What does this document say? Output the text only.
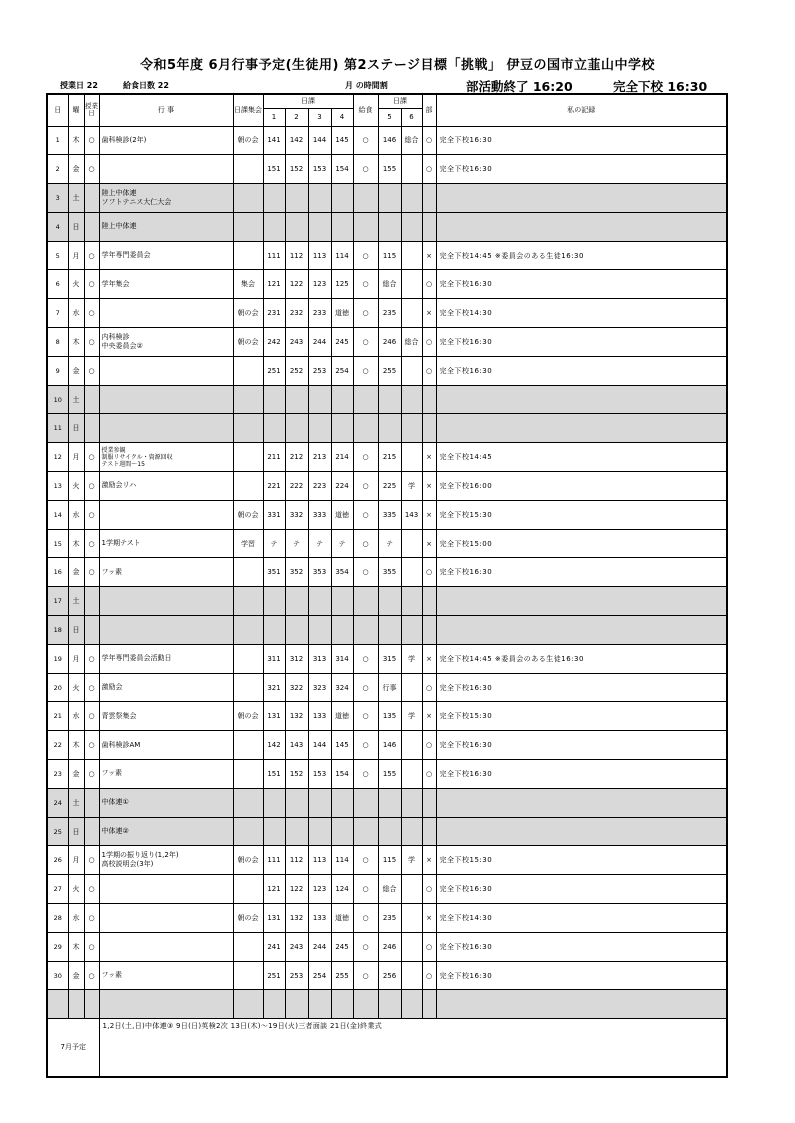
令和5年度 6月行事予定(生徒用) 第2ステージ目標「挑戦」 伊豆の国市立韮山中学校
授業日 22	給食日数 22	月 の時間割	部活動終了 16:20	完全下校 16:30
日	曜	授業日	行 事	日課集会	日課				給食	日課		部	私の記録
					1	2	3	4		5	6		
1	木	○	歯科検診(2年)	朝の会	141	142	144	145	○	146	総合	○	完全下校16:30
2	金	○			151	152	153	154	○	155		○	完全下校16:30
3	土		陸上中体連
ソフトテニス大仁大会										
4	日		陸上中体連										
5	月	○	学年専門委員会		111	112	113	114	○	115		×	完全下校14:45 ※委員会のある生徒16:30
6	火	○	学年集会	集会	121	122	123	125	○	総合		○	完全下校16:30
7	水	○		朝の会	231	232	233	道徳	○	235		×	完全下校14:30
8	木	○	内科検診
中央委員会②	朝の会	242	243	244	245	○	246	総合	○	完全下校16:30
9	金	○			251	252	253	254	○	255		○	完全下校16:30
10	土												
11	日												
12	月	○	授業参観
制服リサイクル・資源回収
テスト週間～15		211	212	213	214	○	215		×	完全下校14:45
13	火	○	激励会リハ		221	222	223	224	○	225	学	×	完全下校16:00
14	水	○		朝の会	331	332	333	道徳	○	335	143	×	完全下校15:30
15	木	○	1学期テスト	学習	テ	テ	テ	テ	○	テ		×	完全下校15:00
16	金	○	フッ素		351	352	353	354	○	355		○	完全下校16:30
17	土												
18	日												
19	月	○	学年専門委員会活動日		311	312	313	314	○	315	学	×	完全下校14:45 ※委員会のある生徒16:30
20	火	○	激励会		321	322	323	324	○	行事		○	完全下校16:30
21	水	○	青雲祭集会	朝の会	131	132	133	道徳	○	135	学	×	完全下校15:30
22	木	○	歯科検診AM		142	143	144	145	○	146		○	完全下校16:30
23	金	○	フッ素		151	152	153	154	○	155		○	完全下校16:30
24	土		中体連①										
25	日		中体連②										
26	月	○	1学期の振り返り(1,2年)
高校説明会(3年)	朝の会	111	112	113	114	○	115	学	×	完全下校15:30
27	火	○			121	122	123	124	○	総合		○	完全下校16:30
28	水	○		朝の会	131	132	133	道徳	○	235		×	完全下校14:30
29	木	○			241	243	244	245	○	246		○	完全下校16:30
30	金	○	フッ素		251	253	254	255	○	256		○	完全下校16:30

7月予定			1,2日(土,日)中体連③ 9日(日)英検2次 13日(木)～19日(火)三者面談 21日(金)終業式										
